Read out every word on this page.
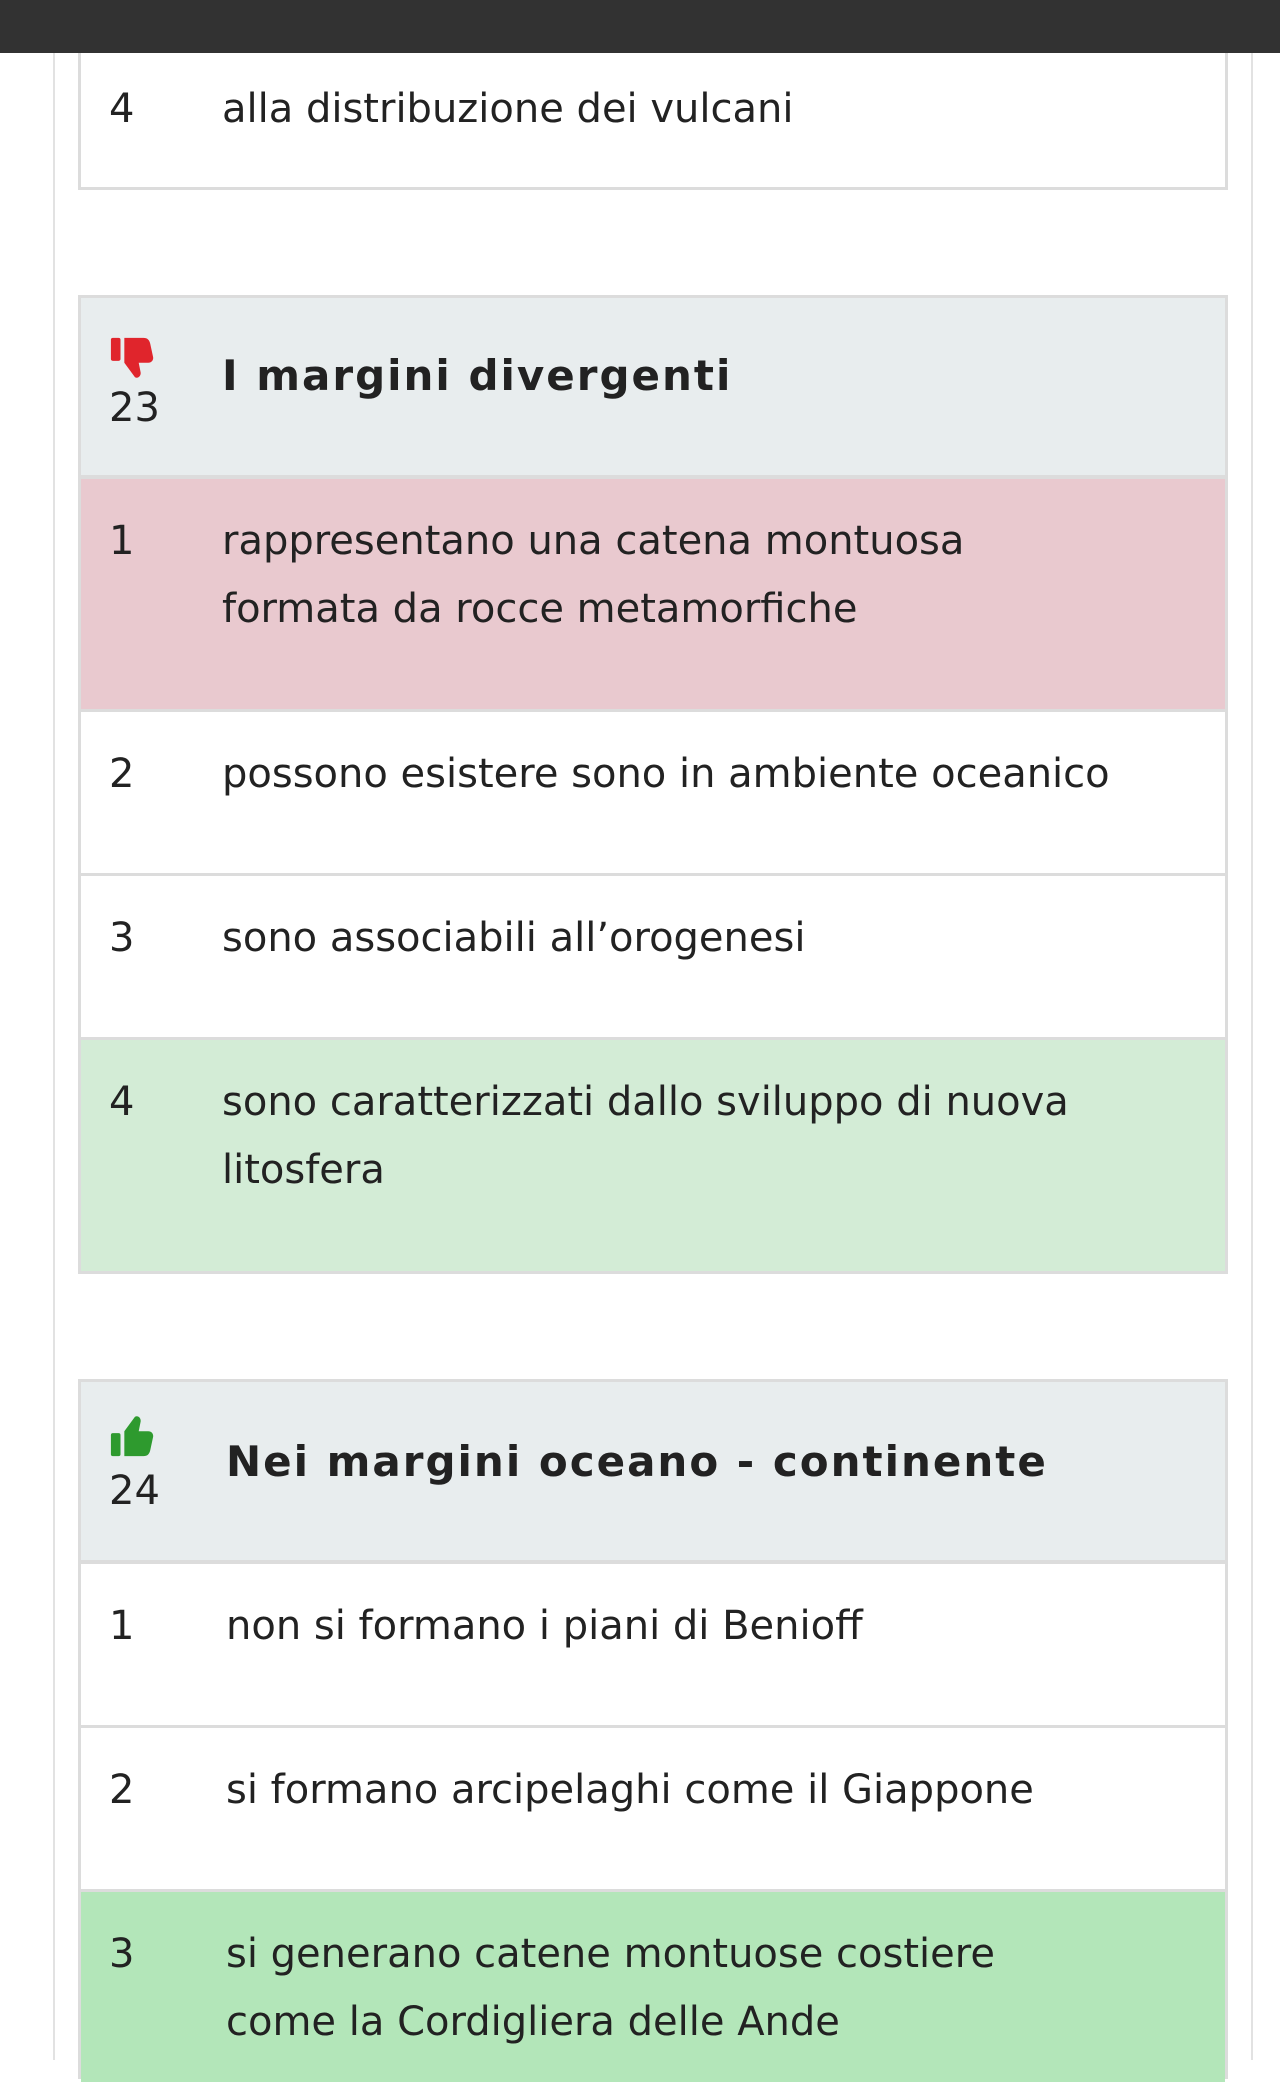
4 alla distribuzione dei vulcani
23
I margini divergenti
1 rappresentano una catena montuosa
formata da rocce metamorfiche
2 possono esistere sono in ambiente oceanico
3 sono associabili all’orogenesi
4 sono caratterizzati dallo sviluppo di nuova
litosfera
24
Nei margini oceano - continente
1 non si formano i piani di Benioff
2 si formano arcipelaghi come il Giappone
3 si generano catene montuose costiere
come la Cordigliera delle Ande
